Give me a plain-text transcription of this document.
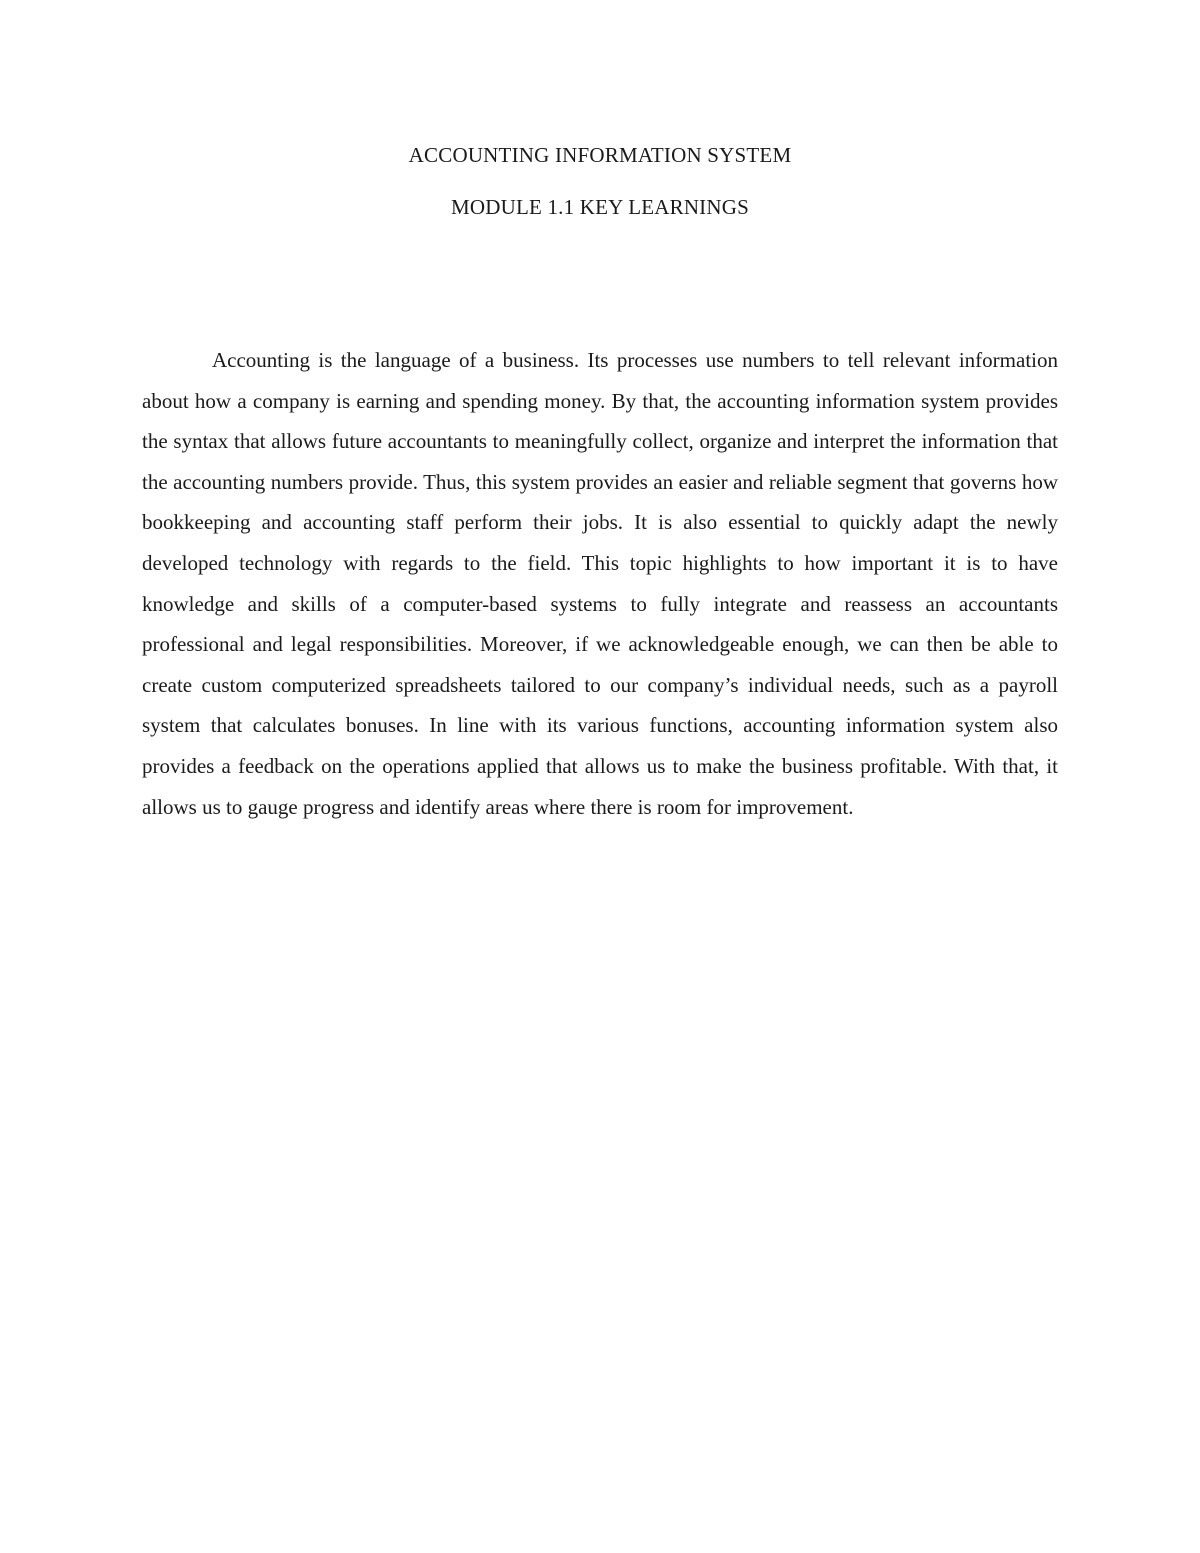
ACCOUNTING INFORMATION SYSTEM
MODULE 1.1 KEY LEARNINGS

Accounting is the language of a business. Its processes use numbers to tell relevant information about how a company is earning and spending money. By that, the accounting information system provides the syntax that allows future accountants to meaningfully collect, organize and interpret the information that the accounting numbers provide. Thus, this system provides an easier and reliable segment that governs how bookkeeping and accounting staff perform their jobs. It is also essential to quickly adapt the newly developed technology with regards to the field. This topic highlights to how important it is to have knowledge and skills of a computer-based systems to fully integrate and reassess an accountants professional and legal responsibilities. Moreover, if we acknowledgeable enough, we can then be able to create custom computerized spreadsheets tailored to our company’s individual needs, such as a payroll system that calculates bonuses. In line with its various functions, accounting information system also provides a feedback on the operations applied that allows us to make the business profitable. With that, it allows us to gauge progress and identify areas where there is room for improvement.
